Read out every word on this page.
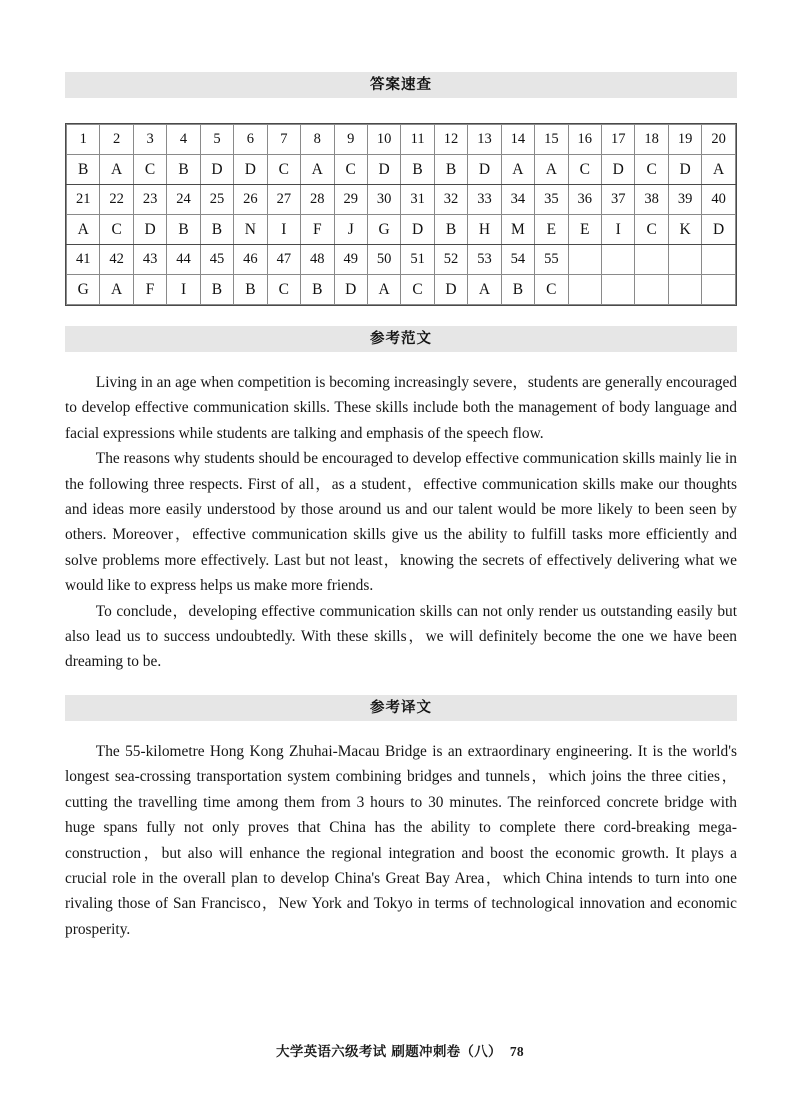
答案速查
1	2	3	4	5	6	7	8	9	10	11	12	13	14	15	16	17	18	19	20
B	A	C	B	D	D	C	A	C	D	B	B	D	A	A	C	D	C	D	A
21	22	23	24	25	26	27	28	29	30	31	32	33	34	35	36	37	38	39	40
A	C	D	B	B	N	I	F	J	G	D	B	H	M	E	E	I	C	K	D
41	42	43	44	45	46	47	48	49	50	51	52	53	54	55					
G	A	F	I	B	B	C	B	D	A	C	D	A	B	C					
参考范文

Living in an age when competition is becoming increasingly severe，students are generally encouraged to develop effective communication skills. These skills include both the management of body language and facial expressions while students are talking and emphasis of the speech flow.

The reasons why students should be encouraged to develop effective communication skills mainly lie in the following three respects. First of all，as a student，effective communication skills make our thoughts and ideas more easily understood by those around us and our talent would be more likely to been seen by others. Moreover，effective communication skills give us the ability to fulfill tasks more efficiently and solve problems more effectively. Last but not least，knowing the secrets of effectively delivering what we would like to express helps us make more friends.

To conclude，developing effective communication skills can not only render us outstanding easily but also lead us to success undoubtedly. With these skills，we will definitely become the one we have been dreaming to be.

参考译文

The 55-kilometre Hong Kong Zhuhai-Macau Bridge is an extraordinary engineering. It is the world's longest sea-crossing transportation system combining bridges and tunnels，which joins the three cities，cutting the travelling time among them from 3 hours to 30 minutes. The reinforced concrete bridge with huge spans fully not only proves that China has the ability to complete there cord-breaking mega-construction，but also will enhance the regional integration and boost the economic growth. It plays a crucial role in the overall plan to develop China's Great Bay Area，which China intends to turn into one rivaling those of San Francisco，New York and Tokyo in terms of technological innovation and economic prosperity.

大学英语六级考试 刷题冲刺卷（八） 78
